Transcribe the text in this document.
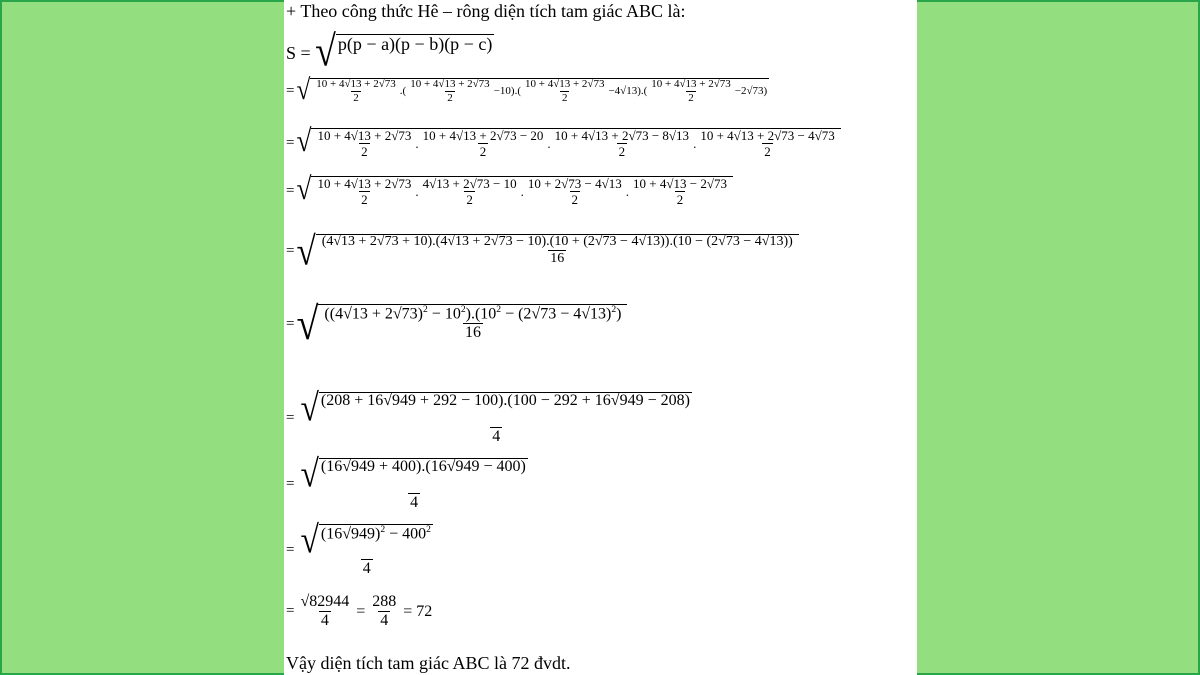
+ Theo công thức Hê – rông diện tích tam giác ABC là:
S =
√ p(p − a)(p − b)(p − c)
= √ $\frac{10 + 4√13 + 2√73}{2}$ .( $\frac{10 + 4√13 + 2√73}{2} -10$ ).( $\frac{10 + 4√13 + 2√73}{2} -4√13$ ).( $\frac{10 + 4√13 + 2√73}{2} -2√73$ )
= √ $\frac{10 + 4√13 + 2√73}{2}$ . $\frac{10 + 4√13 + 2√73 - 20}{2}$ . $\frac{10 + 4√13 + 2√73 - 8√13}{2}$ . $\frac{10 + 4√13 + 2√73 - 4√73}{2}$
= √ $\frac{10 + 4√13 + 2√73}{2}$ . $\frac{4√13 + 2√73 - 10}{2}$ . $\frac{10 + 2√73 - 4√13}{2}$ . $\frac{10 + 4√13 - 2√73}{2}$
= √ (4√13 + 2√73 + 10).(4√13 + 2√73 − 10).(10 + (2√73 − 4√13)).(10 − (2√73 − 4√13))
16
= √ $\frac{((4√13 + 2√73)^2 - 10^2).(10^2 - (2√73 - 4√13)^2)}{16}$
= $\frac{√ (208 + 16√949 + 292 - 100).(100 - 292 + 16√949 - 208)}{4}$
= $\frac{√ (16√949 + 400).(16√949 - 400)}{4}$
= $\frac{√ (16√949)^2 - 400^2}{4}$
= $\frac{√82944}{4} = \frac{288}{4} = 72$
Vậy diện tích tam giác ABC là 72 đvdt.
